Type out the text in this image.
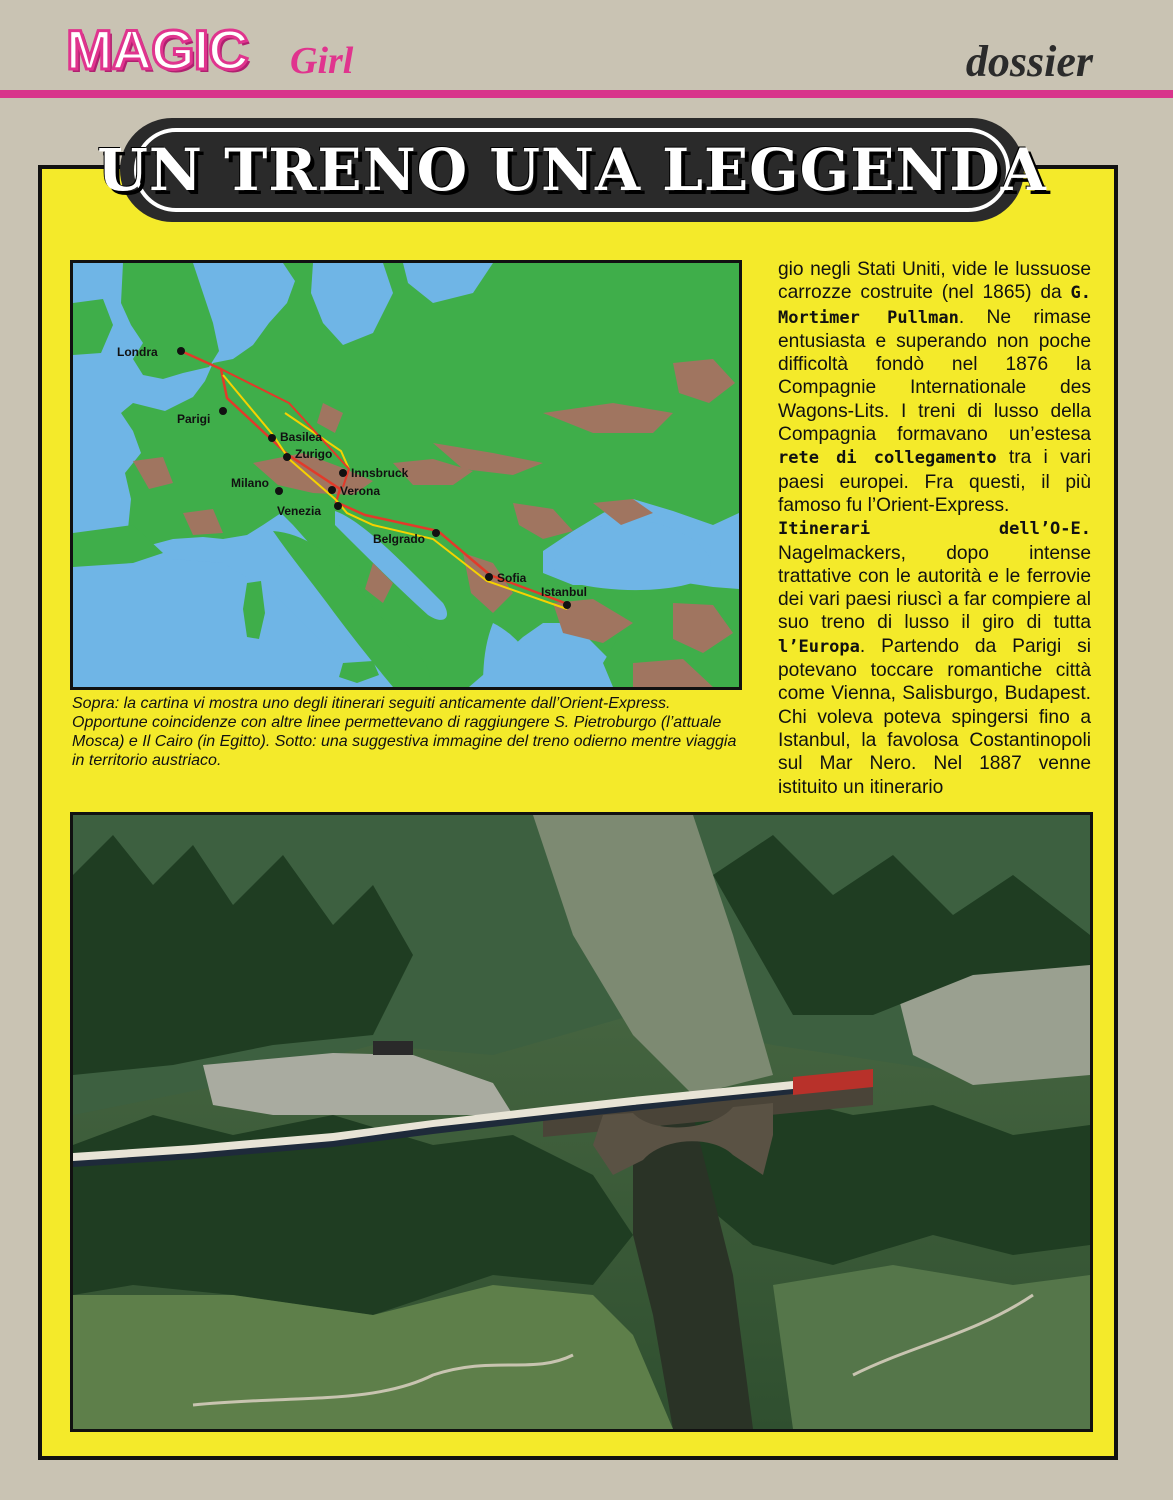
MAGIC Girl	dossier
UN TRENO UNA LEGGENDA
Londra
Parigi
Basilea
Zurigo
Innsbruck
Milano
Verona
Venezia
Belgrado
Sofia
Istanbul
Sopra: la cartina vi mostra uno degli itinerari seguiti anticamente dall’Orient-Express. Opportune coincidenze con altre linee permettevano di raggiungere S. Pietroburgo (l’attuale Mosca) e Il Cairo (in Egitto). Sotto: una suggestiva immagine del treno odierno mentre viaggia in territorio austriaco.

gio negli Stati Uniti, vide le lussuose carrozze costruite (nel 1865) da G. Mortimer Pullman. Ne rimase entusiasta e superando non poche difficoltà fondò nel 1876 la Compagnie Internationale des Wagons-Lits. I treni di lusso della Compagnia formavano un’estesa rete di collegamento tra i vari paesi europei. Fra questi, il più famoso fu l’Orient-Express.

Itinerari dell’O-E. Nagelmackers, dopo intense trattative con le autorità e le ferrovie dei vari paesi riuscì a far compiere al suo treno di lusso il giro di tutta l’Europa. Partendo da Parigi si potevano toccare romantiche città come Vienna, Salisburgo, Budapest. Chi voleva poteva spingersi fino a Istanbul, la favolosa Costantinopoli sul Mar Nero. Nel 1887 venne istituito un itinerario
